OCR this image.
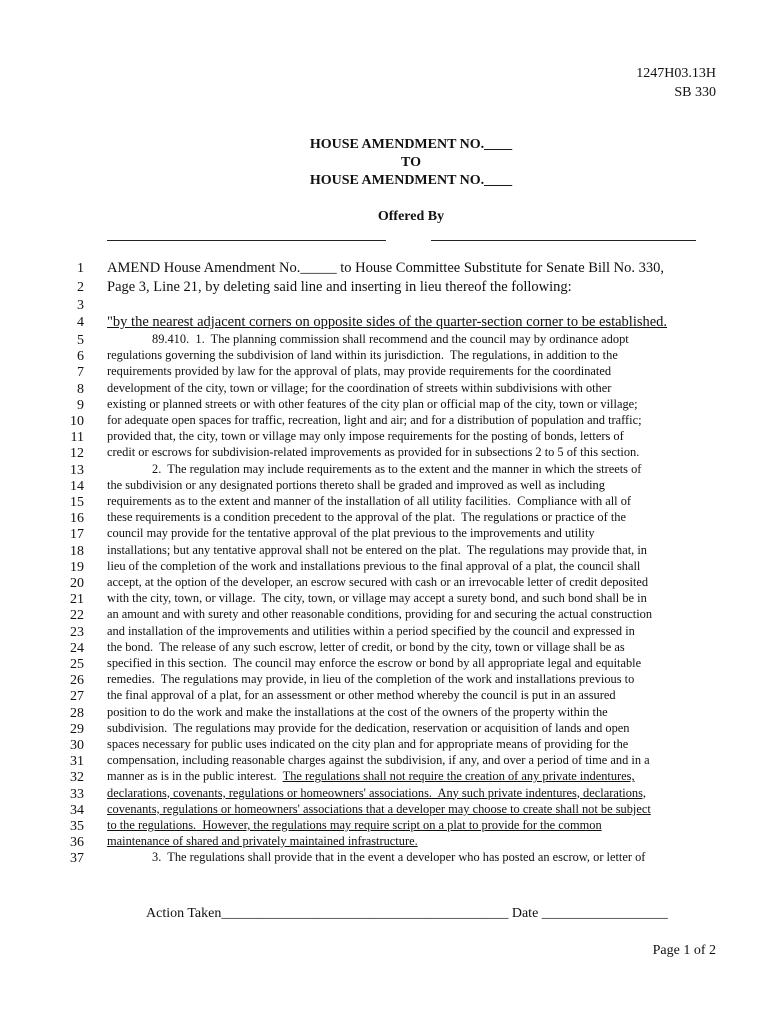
1247H03.13H
SB 330
HOUSE AMENDMENT NO.____
TO
HOUSE AMENDMENT NO.____
Offered By
1
2
3
4
5
6
7
8
9
10
11
12
13
14
15
16
17
18
19
20
21
22
23
24
25
26
27
28
29
30
31
32
33
34
35
36
37
AMEND House Amendment No._____ to House Committee Substitute for Senate Bill No. 330,
Page 3, Line 21, by deleting said line and inserting in lieu thereof the following:
"by the nearest adjacent corners on opposite sides of the quarter-section corner to be established.
89.410.  1.  The planning commission shall recommend and the council may by ordinance adopt
regulations governing the subdivision of land within its jurisdiction.  The regulations, in addition to the
requirements provided by law for the approval of plats, may provide requirements for the coordinated
development of the city, town or village; for the coordination of streets within subdivisions with other
existing or planned streets or with other features of the city plan or official map of the city, town or village;
for adequate open spaces for traffic, recreation, light and air; and for a distribution of population and traffic;
provided that, the city, town or village may only impose requirements for the posting of bonds, letters of
credit or escrows for subdivision-related improvements as provided for in subsections 2 to 5 of this section.
2.  The regulation may include requirements as to the extent and the manner in which the streets of
the subdivision or any designated portions thereto shall be graded and improved as well as including
requirements as to the extent and manner of the installation of all utility facilities.  Compliance with all of
these requirements is a condition precedent to the approval of the plat.  The regulations or practice of the
council may provide for the tentative approval of the plat previous to the improvements and utility
installations; but any tentative approval shall not be entered on the plat.  The regulations may provide that, in
lieu of the completion of the work and installations previous to the final approval of a plat, the council shall
accept, at the option of the developer, an escrow secured with cash or an irrevocable letter of credit deposited
with the city, town, or village.  The city, town, or village may accept a surety bond, and such bond shall be in
an amount and with surety and other reasonable conditions, providing for and securing the actual construction
and installation of the improvements and utilities within a period specified by the council and expressed in
the bond.  The release of any such escrow, letter of credit, or bond by the city, town or village shall be as
specified in this section.  The council may enforce the escrow or bond by all appropriate legal and equitable
remedies.  The regulations may provide, in lieu of the completion of the work and installations previous to
the final approval of a plat, for an assessment or other method whereby the council is put in an assured
position to do the work and make the installations at the cost of the owners of the property within the
subdivision.  The regulations may provide for the dedication, reservation or acquisition of lands and open
spaces necessary for public uses indicated on the city plan and for appropriate means of providing for the
compensation, including reasonable charges against the subdivision, if any, and over a period of time and in a
manner as is in the public interest.  The regulations shall not require the creation of any private indentures,
declarations, covenants, regulations or homeowners' associations.  Any such private indentures, declarations,
covenants, regulations or homeowners' associations that a developer may choose to create shall not be subject
to the regulations.  However, the regulations may require script on a plat to provide for the common
maintenance of shared and privately maintained infrastructure.
3.  The regulations shall provide that in the event a developer who has posted an escrow, or letter of
Action Taken_________________________________________ Date __________________
Page 1 of 2
